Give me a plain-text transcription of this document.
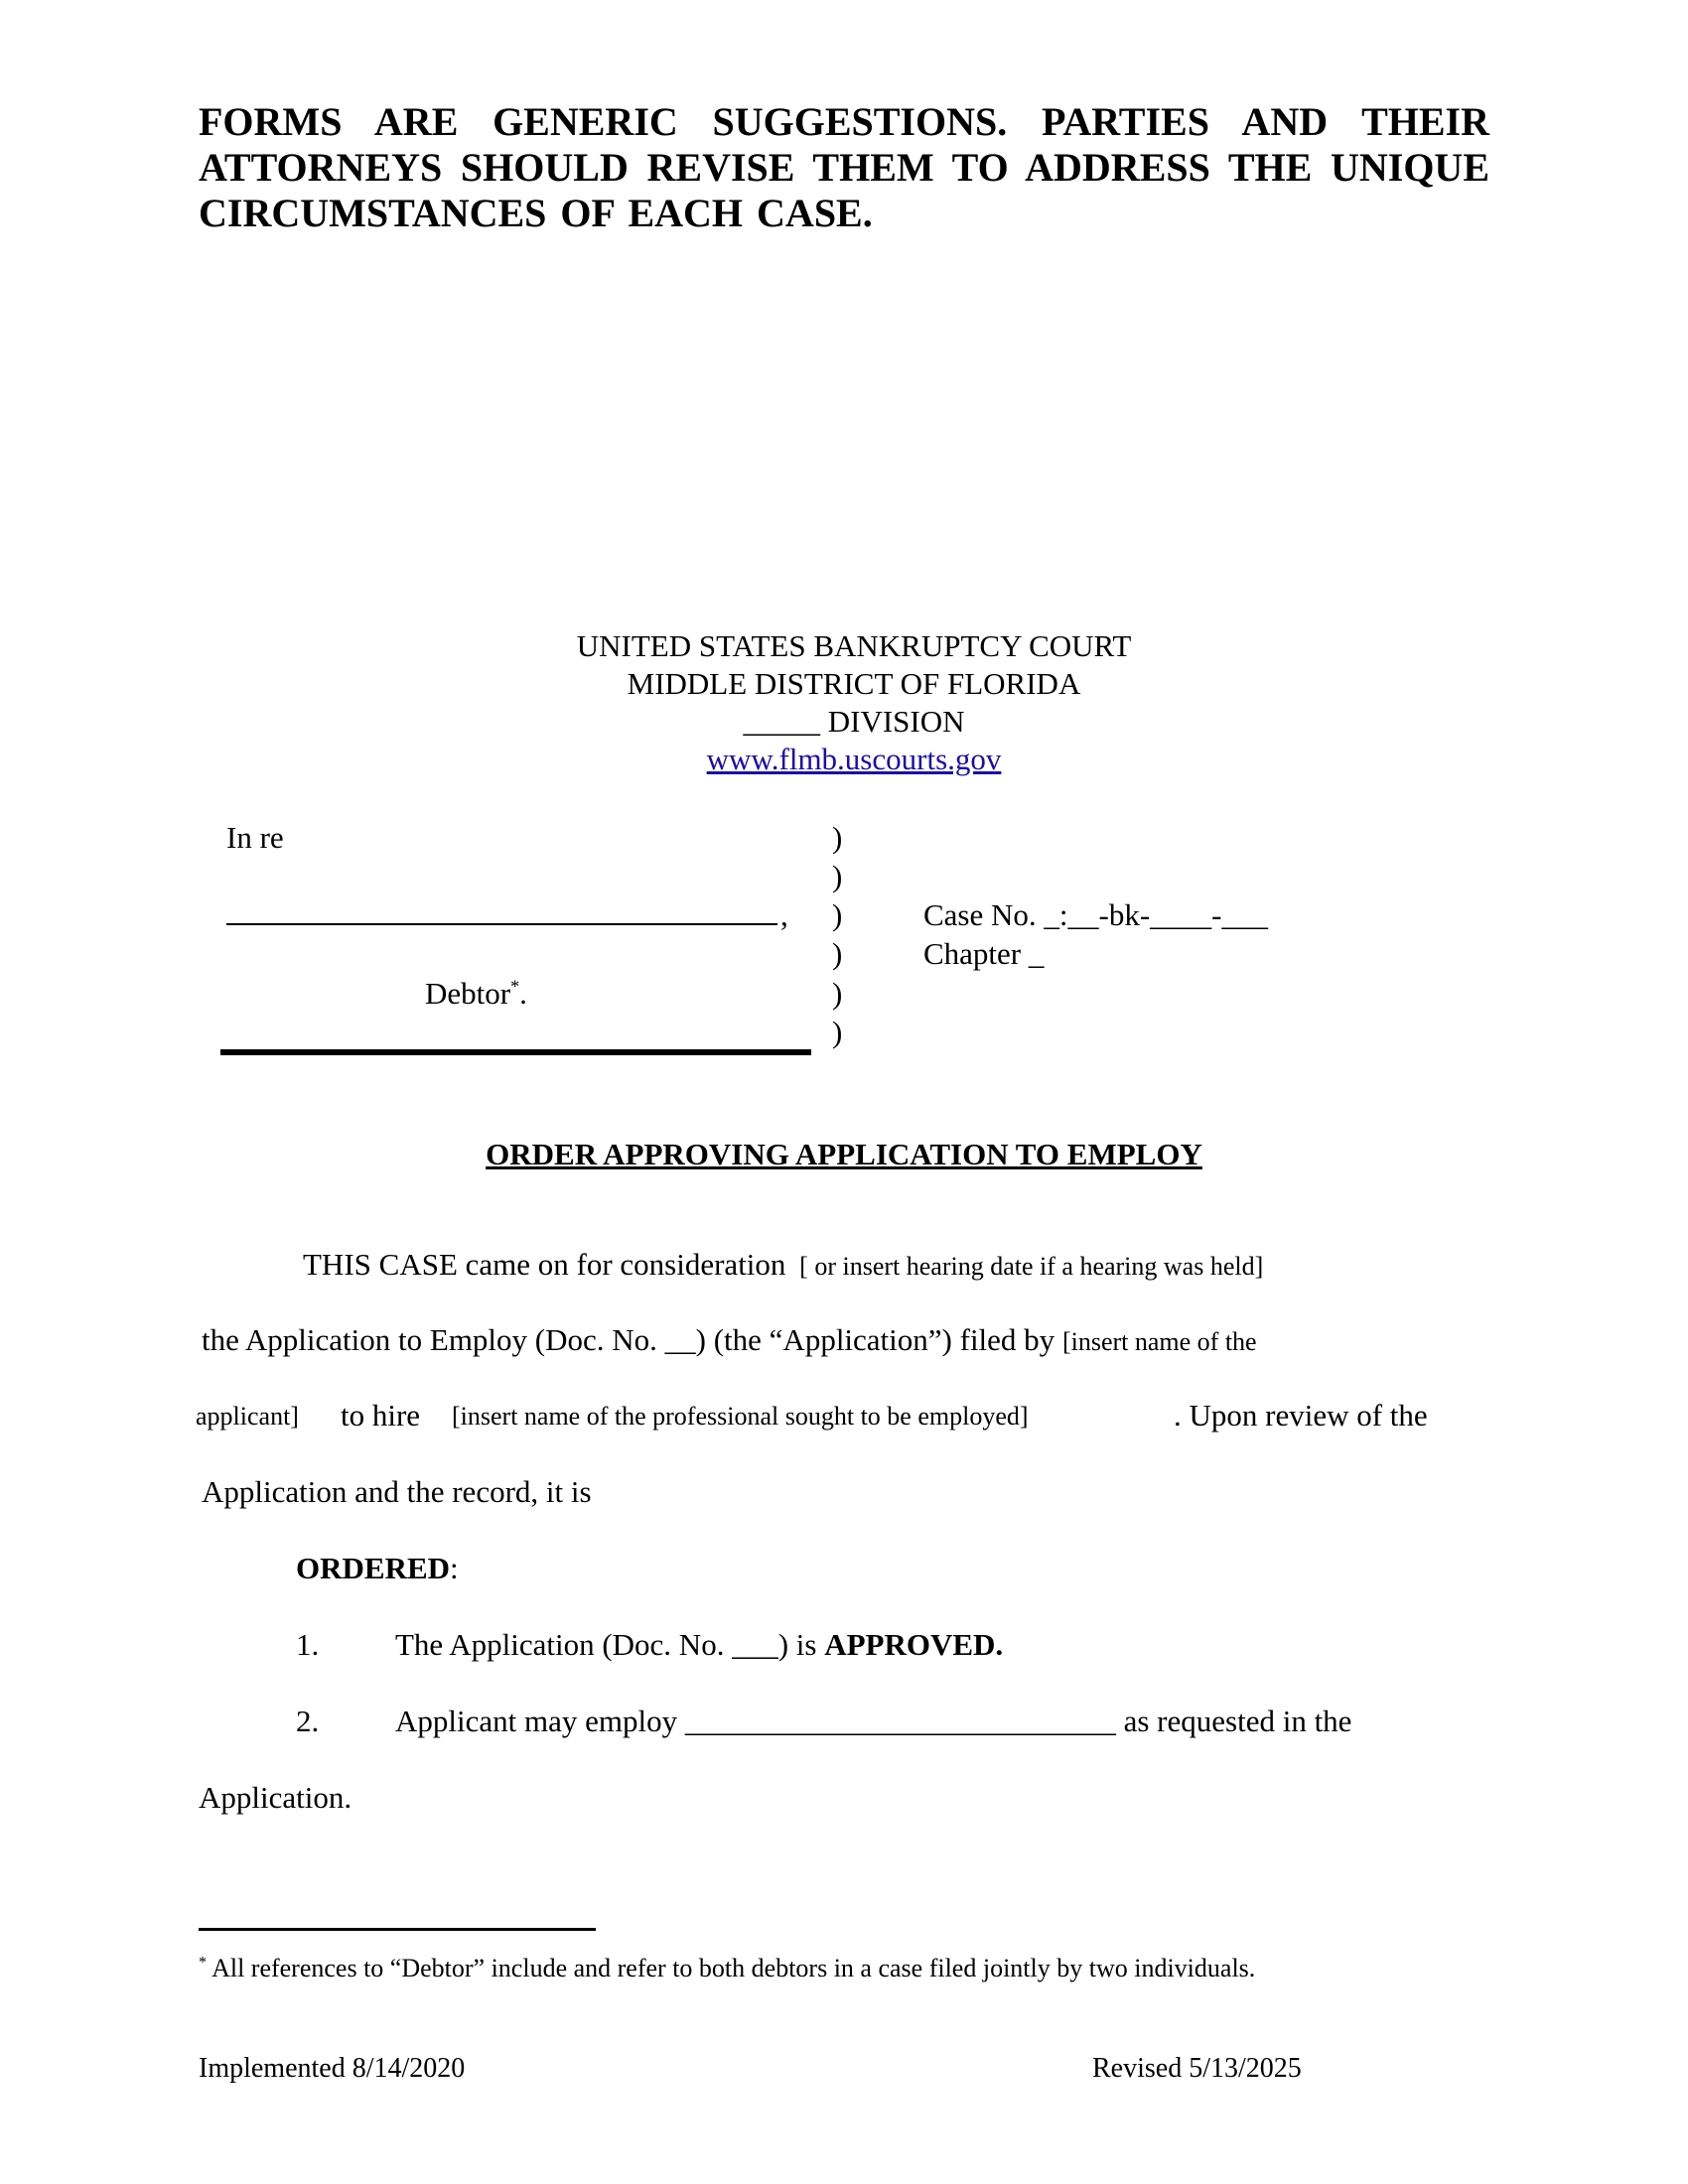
FORMS ARE GENERIC SUGGESTIONS. PARTIES AND THEIR
ATTORNEYS SHOULD REVISE THEM TO ADDRESS THE UNIQUE
CIRCUMSTANCES OF EACH CASE.
UNITED STATES BANKRUPTCY COURT
MIDDLE DISTRICT OF FLORIDA
_____ DIVISION
www.flmb.uscourts.gov
In re
,
Debtor*.
)
)
)
)
)
)
Case No. _:__-bk-____-___
Chapter _
ORDER APPROVING APPLICATION TO EMPLOY
THIS CASE came on for consideration [ or insert hearing date if a hearing was held]
the Application to Employ (Doc. No. __) (the “Application”) filed by [insert name of the
applicant] to hire [insert name of the professional sought to be employed]	. Upon review of the
Application and the record, it is
ORDERED:
1. The Application (Doc. No. ___) is APPROVED.
2. Applicant may employ ____________________________ as requested in the
Application.
* All references to “Debtor” include and refer to both debtors in a case filed jointly by two individuals.
Implemented 8/14/2020	Revised 5/13/2025
